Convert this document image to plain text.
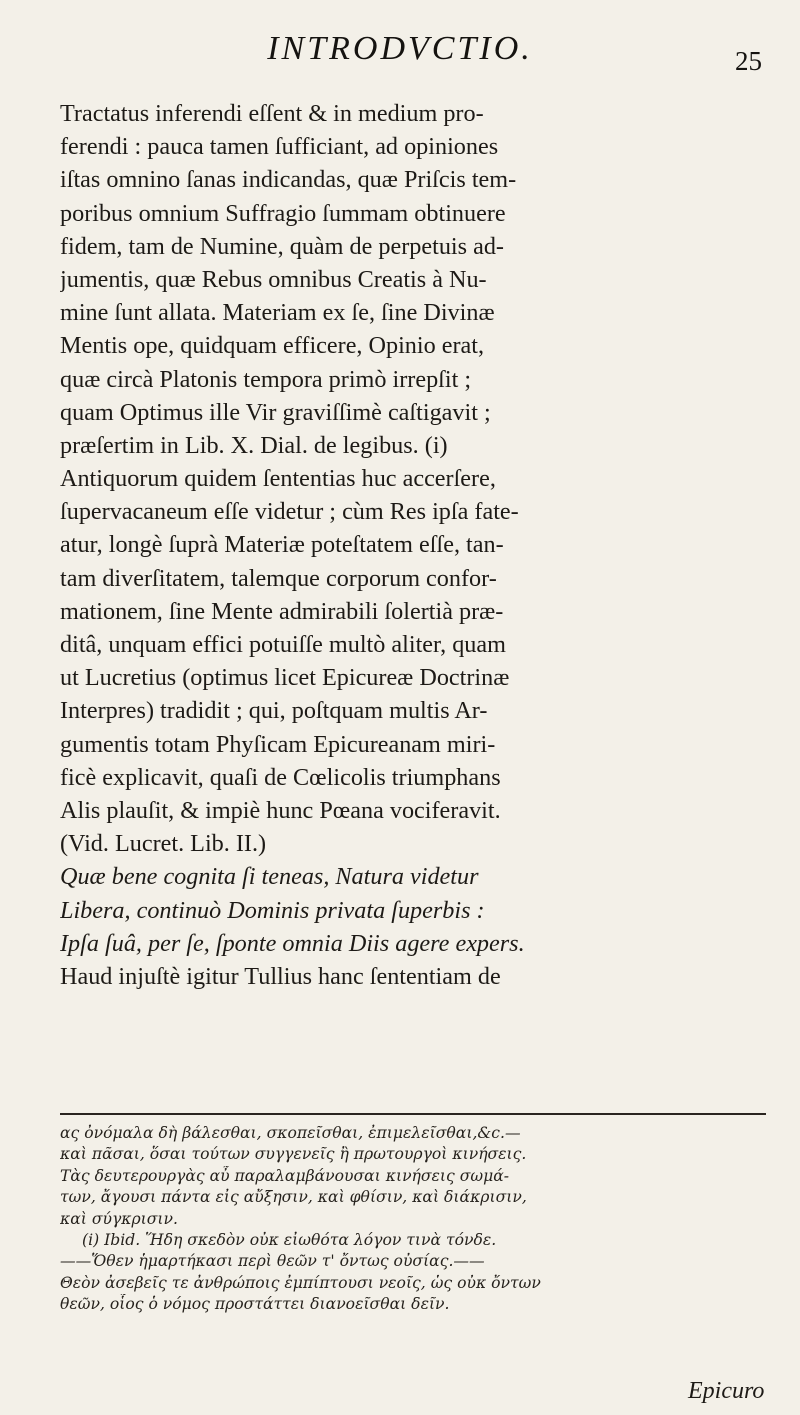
INTRODVCTIO.	25
Tractatus inferendi eſſent & in medium pro-
ferendi : pauca tamen ſufficiant, ad opiniones
iſtas omnino ſanas indicandas, quæ Priſcis tem-
poribus omnium Suffragio ſummam obtinuere
fidem, tam de Numine, quàm de perpetuis ad-
jumentis, quæ Rebus omnibus Creatis à Nu-
mine ſunt allata. Materiam ex ſe, ſine Divinæ
Mentis ope, quidquam efficere, Opinio erat,
quæ circà Platonis tempora primò irrepſit ;
quam Optimus ille Vir graviſſimè caſtigavit ;
præſertim in Lib. X. Dial. de legibus. (i)
Antiquorum quidem ſententias huc accerſere,
ſupervacaneum eſſe videtur ; cùm Res ipſa fate-
atur, longè ſuprà Materiæ poteſtatem eſſe, tan-
tam diverſitatem, talemque corporum confor-
mationem, ſine Mente admirabili ſolertià præ-
ditâ, unquam effici potuiſſe multò aliter, quam
ut Lucretius (optimus licet Epicureæ Doctrinæ
Interpres) tradidit ; qui, poſtquam multis Ar-
gumentis totam Phyſicam Epicureanam miri-
ficè explicavit, quaſi de Cœlicolis triumphans
Alis plauſit, & impiè hunc Pœana vociferavit.
(Vid. Lucret. Lib. II.)
Quæ bene cognita ſi teneas, Natura videtur
Libera, continuò Dominis privata ſuperbis :
Ipſa ſuâ, per ſe, ſponte omnia Diis agere expers.
Haud injuſtè igitur Tullius hanc ſententiam de
ας ὀνόμαλα δὴ βάλεσθαι, σκοπεῖσθαι, ἐπιμελεῖσθαι,&c.—
καὶ πᾶσαι, ὅσαι τούτων συγγενεῖς ἢ πρωτουργοὶ κινήσεις.
Τὰς δευτερουργὰς αὖ παραλαμβάνουσαι κινήσεις σωμά-
των, ἄγουσι πάντα εἰς αὔξησιν, καὶ φθίσιν, καὶ διάκρισιν,
καὶ σύγκρισιν.
(i) Ibid. Ἥδη σκεδὸν οὐκ εἰωθότα λόγον τινὰ τόνδε.
——Ὅθεν ἡμαρτήκασι περὶ θεῶν τ' ὄντως οὐσίας.——
Θεὸν ἀσεβεῖς τε ἀνθρώποις ἐμπίπτουσι νεοῖς, ὡς οὐκ ὄντων
θεῶν, οἷος ὁ νόμος προστάττει διανοεῖσθαι δεῖν.
Epicuro
